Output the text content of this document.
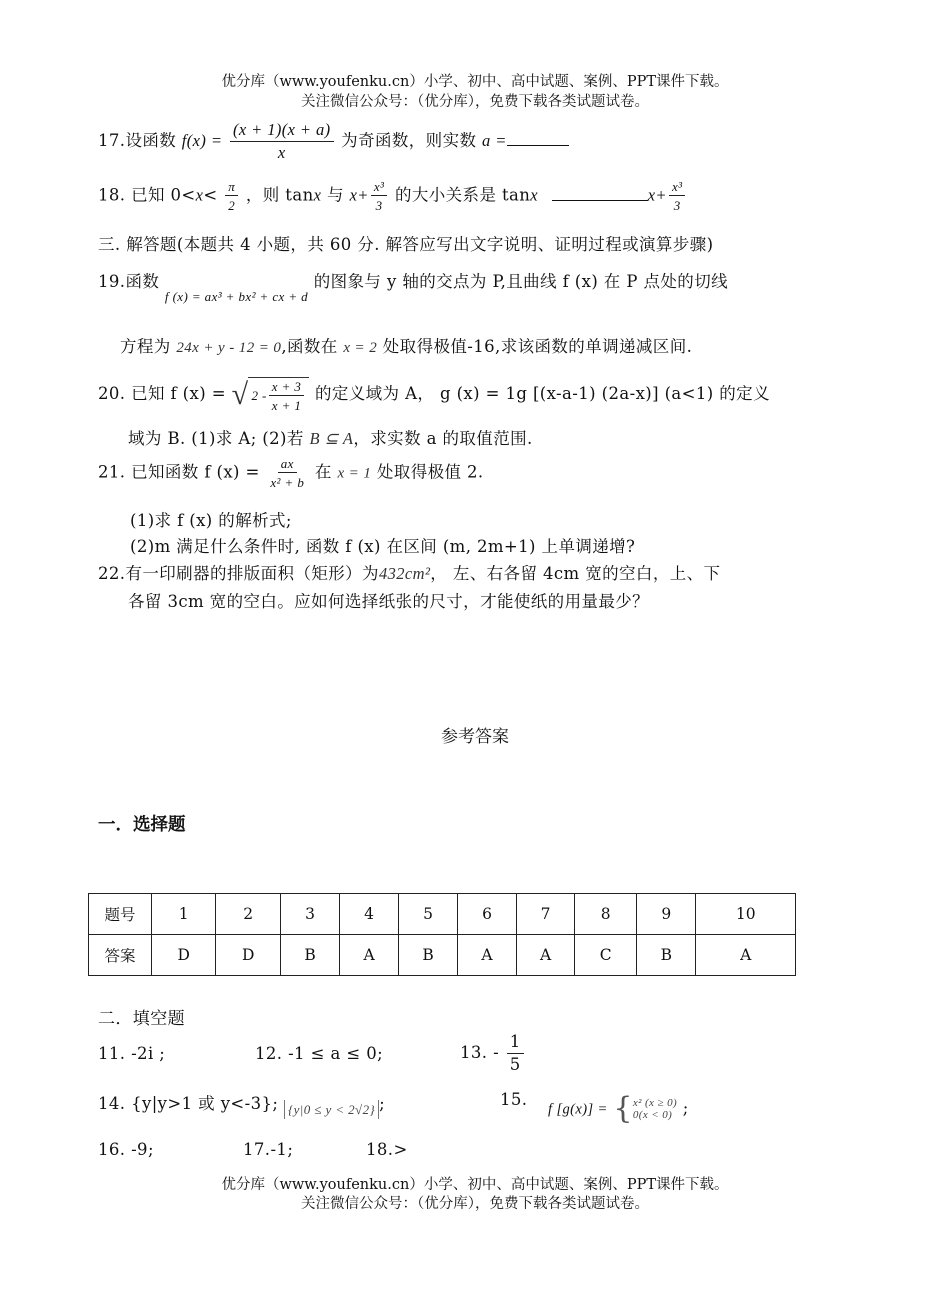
优分库（www.youfenku.cn）小学、初中、高中试题、案例、PPT课件下载。
关注微信公众号：（优分库），免费下载各类试题试卷。
17.设函数 $f(x) = \frac{(x + 1)(x + a)}{x}$ 为奇函数，则实数 a =
18. 已知 $0<x< \frac{\pi}{2}$ ，则 tanx 与 $x+ \frac{\text{x³}}{3}$ 的大小关系是 tanx	$x+ \frac{\text{x³}}{3}$
三. 解答题(本题共 4 小题，共 60 分. 解答应写出文字说明、证明过程或演算步骤)
19.函数 $_{f (x) = ax^3 + bx^2 + cx + d}$ 的图象与 y 轴的交点为 P,且曲线 f (x) 在 P 点处的切线
方程为 24x + y - 12 = 0,函数在 x = 2 处取得极值-16,求该函数的单调递减区间.
20. 已知 f (x) = √ $2 - \frac{x + 3}{x + 1}$ 的定义域为 A， g (x) = 1g [(x-a-1) (2a-x)] (a<1) 的定义
域为 B. (1)求 A; (2)若 B ⊆ A，求实数 a 的取值范围.
21. 已知函数 f $(x) = \frac{ax}{\text{x² + b}}$ 在 x = 1 处取得极值 2.
(1)求 f (x) 的解析式;
(2)m 满足什么条件时, 函数 f (x) 在区间 (m, 2m+1) 上单调递增?
22.有一印刷器的排版面积（矩形）为432cm²， 左、右各留 4cm 宽的空白，上、下
各留 3cm 宽的空白。应如何选择纸张的尺寸，才能使纸的用量最少？
参考答案
一．选择题
题号	1	2	3	4	5	6	7	8	9	10
答案	D	D	B	A	B	A	A	C	B	A
二．填空题
11. -2i ;	12. -1 ≤ a ≤ 0;	13. - $\frac{1}{5}$
14. {y|y>1 或 y<-3}; $_{\{y|0 \le y < 2√2\}}$ ;	15.
f [g(x)] = { x² (x ≥ 0)
0(x < 0) ;
16. -9;	17.-1;	18.>
优分库（www.youfenku.cn）小学、初中、高中试题、案例、PPT课件下载。
关注微信公众号：（优分库），免费下载各类试题试卷。
